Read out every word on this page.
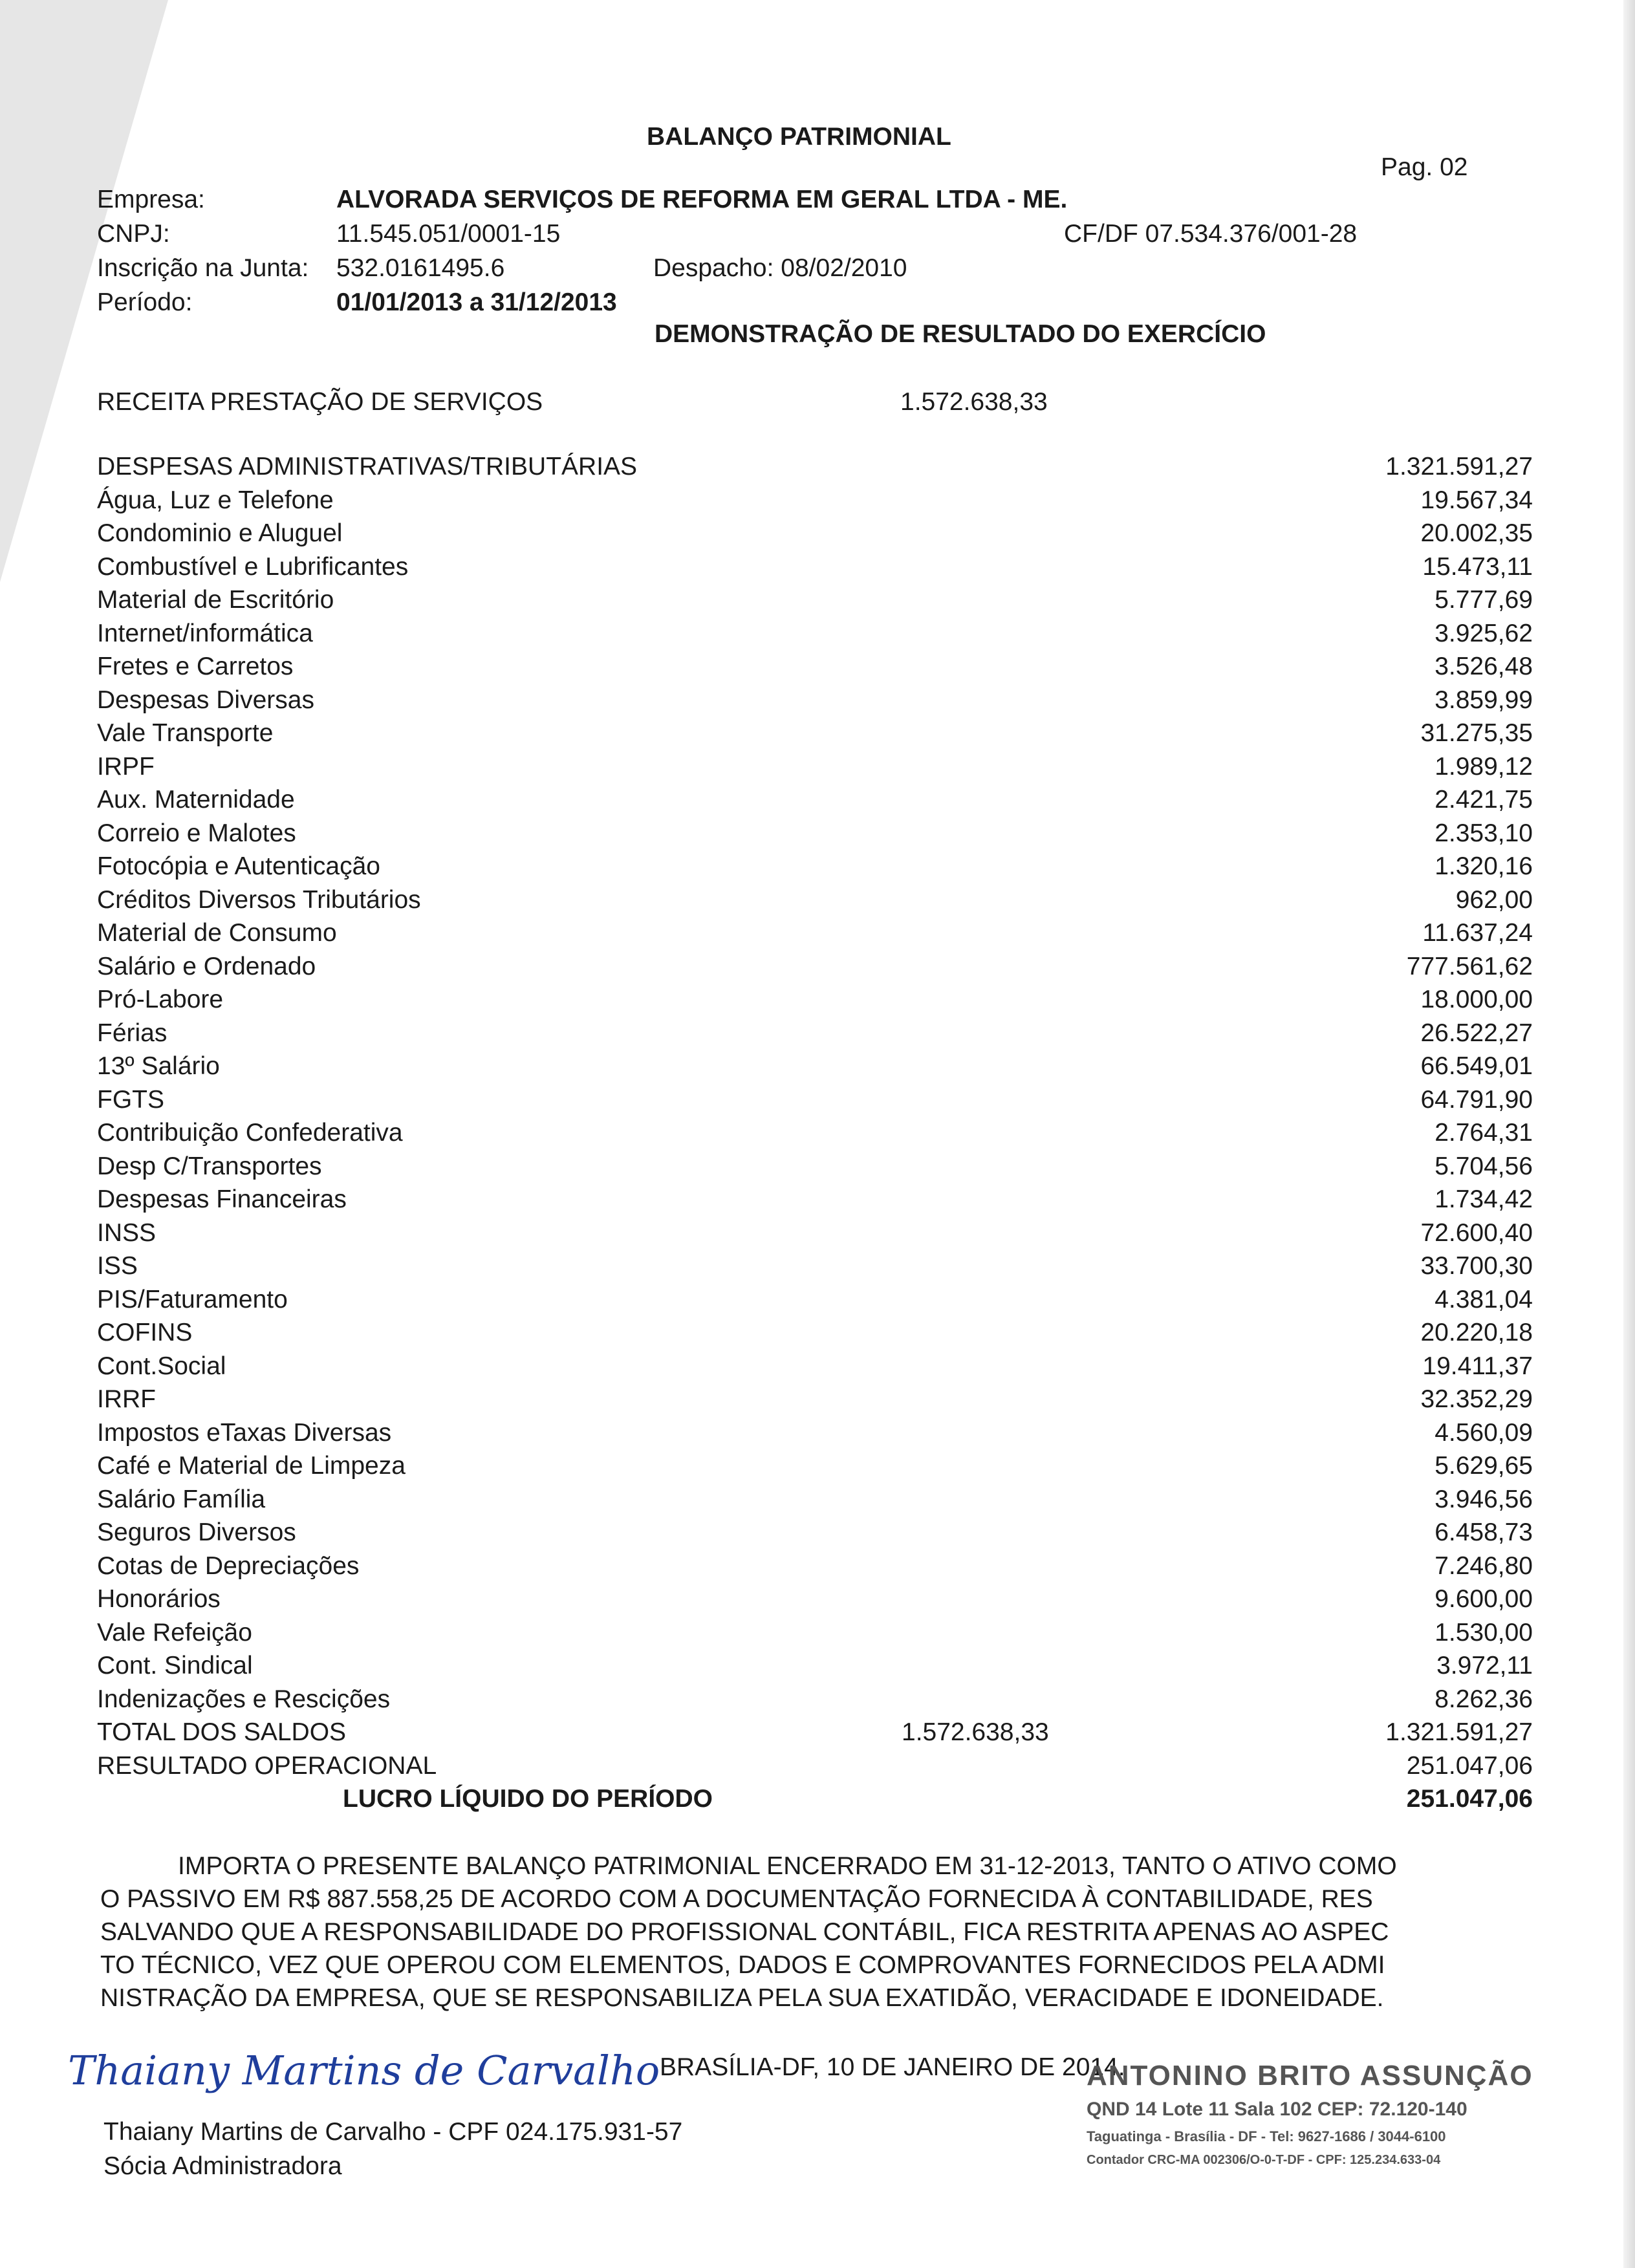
BALANÇO PATRIMONIAL
Pag. 02
Empresa:	ALVORADA SERVIÇOS DE REFORMA EM GERAL LTDA - ME.
CNPJ:	11.545.051/0001-15	CF/DF 07.534.376/001-28
Inscrição na Junta: 532.0161495.6	Despacho: 08/02/2010
Período:	01/01/2013 a 31/12/2013
DEMONSTRAÇÃO DE RESULTADO DO EXERCÍCIO
RECEITA PRESTAÇÃO DE SERVIÇOS	1.572.638,33
DESPESAS ADMINISTRATIVAS/TRIBUTÁRIAS	1.321.591,27
Água, Luz e Telefone	19.567,34
Condominio e Aluguel	20.002,35
Combustível e Lubrificantes	15.473,11
Material de Escritório	5.777,69
Internet/informática	3.925,62
Fretes e Carretos	3.526,48
Despesas Diversas	3.859,99
Vale Transporte	31.275,35
IRPF	1.989,12
Aux. Maternidade	2.421,75
Correio e Malotes	2.353,10
Fotocópia e Autenticação	1.320,16
Créditos Diversos Tributários	962,00
Material de Consumo	11.637,24
Salário e Ordenado	777.561,62
Pró-Labore	18.000,00
Férias	26.522,27
13º Salário	66.549,01
FGTS	64.791,90
Contribuição Confederativa	2.764,31
Desp C/Transportes	5.704,56
Despesas Financeiras	1.734,42
INSS	72.600,40
ISS	33.700,30
PIS/Faturamento	4.381,04
COFINS	20.220,18
Cont.Social	19.411,37
IRRF	32.352,29
Impostos eTaxas Diversas	4.560,09
Café e Material de Limpeza	5.629,65
Salário Família	3.946,56
Seguros Diversos	6.458,73
Cotas de Depreciações	7.246,80
Honorários	9.600,00
Vale Refeição	1.530,00
Cont. Sindical	3.972,11
Indenizações e Rescições	8.262,36
TOTAL DOS SALDOS	1.572.638,33	1.321.591,27
RESULTADO OPERACIONAL	251.047,06
LUCRO LÍQUIDO DO PERÍODO	251.047,06

IMPORTA O PRESENTE BALANÇO PATRIMONIAL ENCERRADO EM 31-12-2013, TANTO O ATIVO COMO

O PASSIVO EM R$ 887.558,25 DE ACORDO COM A DOCUMENTAÇÃO FORNECIDA À CONTABILIDADE, RES

SALVANDO QUE A RESPONSABILIDADE DO PROFISSIONAL CONTÁBIL, FICA RESTRITA APENAS AO ASPEC

TO TÉCNICO, VEZ QUE OPEROU COM ELEMENTOS, DADOS E COMPROVANTES FORNECIDOS PELA ADMI

NISTRAÇÃO DA EMPRESA, QUE SE RESPONSABILIZA PELA SUA EXATIDÃO, VERACIDADE E IDONEIDADE.

BRASÍLIA-DF, 10 DE JANEIRO DE 2014.
Thaiany Martins de Carvalho
Thaiany Martins de Carvalho - CPF 024.175.931-57
Sócia Administradora
ANTONINO BRITO ASSUNÇÃO
QND 14 Lote 11 Sala 102 CEP: 72.120-140
Taguatinga - Brasília - DF - Tel: 9627-1686 / 3044-6100
Contador CRC-MA 002306/O-0-T-DF - CPF: 125.234.633-04
